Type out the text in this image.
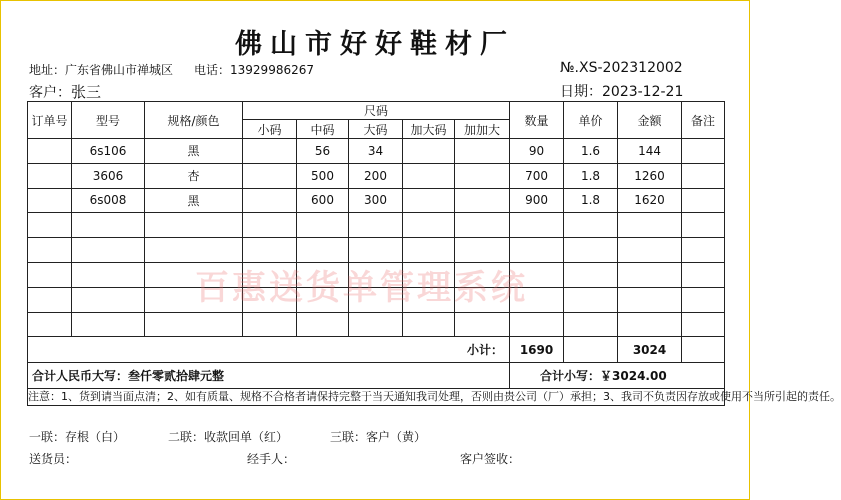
佛山市好好鞋材厂
地址：广东省佛山市禅城区 电话：13929986267	№.XS-202312002
客户：张三	日期：2023-12-21
订单号	型号	规格/颜色	尺码					数量	单价	金额	备注
			小码	中码	大码	加大码	加加大				
	6s106	黑		56	34			90	1.6	144	
	3606	杏		500	200			700	1.8	1260	
	6s008	黑		600	300			900	1.8	1620	

小计：								1690		3024	
合计人民币大写：叁仟零贰拾肆元整								合计小写：￥3024.00			
注意：1、货到请当面点清；2、如有质量、规格不合格者请保持完整于当天通知我司处理，否则由贵公司（厂）承担；3、我司不负责因存放或使用不当所引起的责任。											
一联：存根（白）	二联：收款回单（红）	三联：客户（黄）
送货员：	经手人：	客户签收：
百惠送货单管理系统
